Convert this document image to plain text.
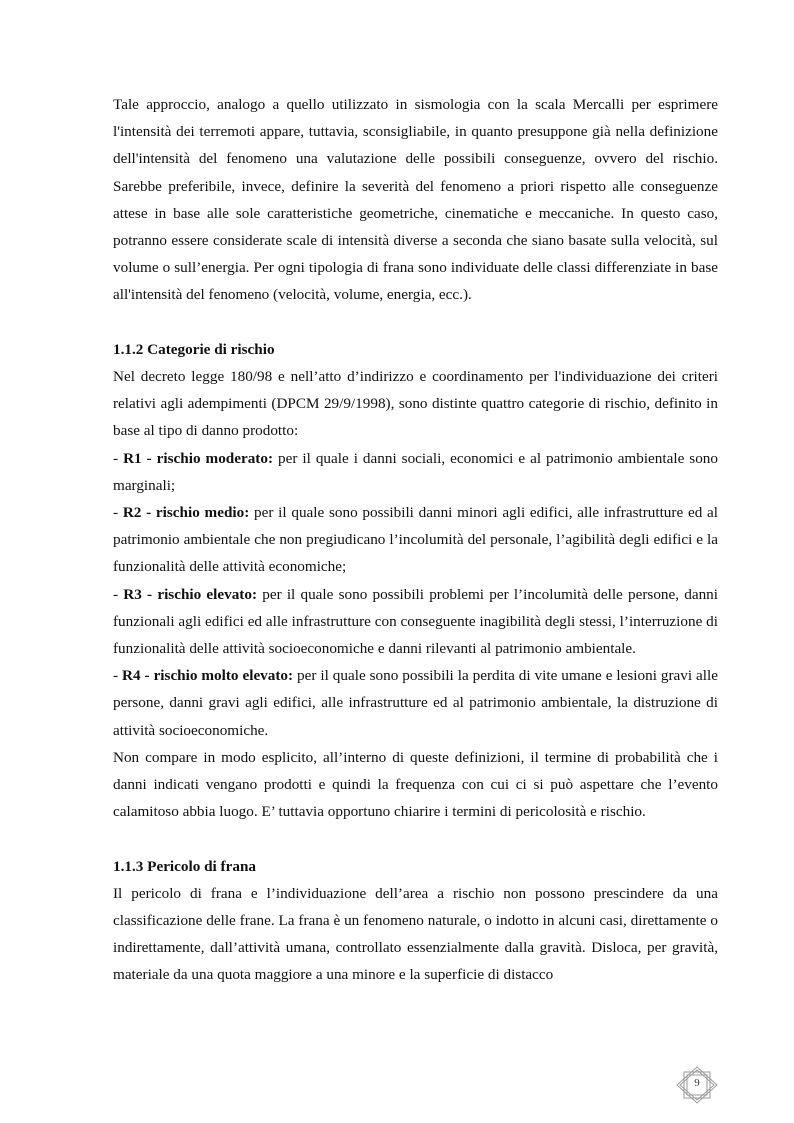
Tale approccio, analogo a quello utilizzato in sismologia con la scala Mercalli per esprimere l'intensità dei terremoti appare, tuttavia, sconsigliabile, in quanto presuppone già nella definizione dell'intensità del fenomeno una valutazione delle possibili conseguenze, ovvero del rischio. Sarebbe preferibile, invece, definire la severità del fenomeno a priori rispetto alle conseguenze attese in base alle sole caratteristiche geometriche, cinematiche e meccaniche. In questo caso, potranno essere considerate scale di intensità diverse a seconda che siano basate sulla velocità, sul volume o sull’energia. Per ogni tipologia di frana sono individuate delle classi differenziate in base all'intensità del fenomeno (velocità, volume, energia, ecc.).

1.1.2 Categorie di rischio

Nel decreto legge 180/98 e nell’atto d’indirizzo e coordinamento per l'individuazione dei criteri relativi agli adempimenti (DPCM 29/9/1998), sono distinte quattro categorie di rischio, definito in base al tipo di danno prodotto:

- R1 - rischio moderato: per il quale i danni sociali, economici e al patrimonio ambientale sono marginali;

- R2 - rischio medio: per il quale sono possibili danni minori agli edifici, alle infrastrutture ed al patrimonio ambientale che non pregiudicano l’incolumità del personale, l’agibilità degli edifici e la funzionalità delle attività economiche;

- R3 - rischio elevato: per il quale sono possibili problemi per l’incolumità delle persone, danni funzionali agli edifici ed alle infrastrutture con conseguente inagibilità degli stessi, l’interruzione di funzionalità delle attività socioeconomiche e danni rilevanti al patrimonio ambientale.

- R4 - rischio molto elevato: per il quale sono possibili la perdita di vite umane e lesioni gravi alle persone, danni gravi agli edifici, alle infrastrutture ed al patrimonio ambientale, la distruzione di attività socioeconomiche.

Non compare in modo esplicito, all’interno di queste definizioni, il termine di probabilità che i danni indicati vengano prodotti e quindi la frequenza con cui ci si può aspettare che l’evento calamitoso abbia luogo. E’ tuttavia opportuno chiarire i termini di pericolosità e rischio.

1.1.3 Pericolo di frana

Il pericolo di frana e l’individuazione dell’area a rischio non possono prescindere da una classificazione delle frane. La frana è un fenomeno naturale, o indotto in alcuni casi, direttamente o indirettamente, dall’attività umana, controllato essenzialmente dalla gravità. Disloca, per gravità, materiale da una quota maggiore a una minore e la superficie di distacco

9
